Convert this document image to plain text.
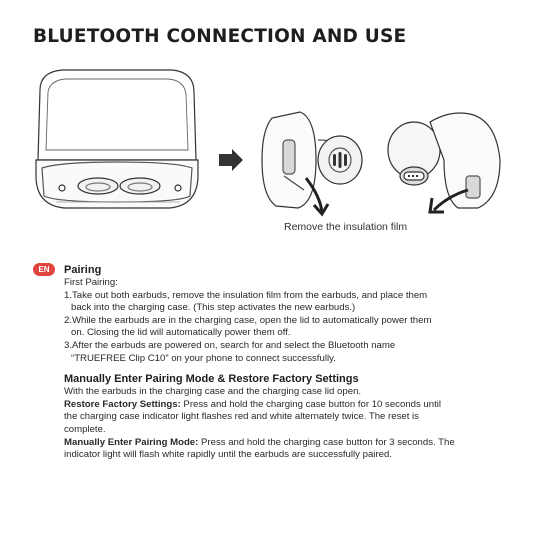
BLUETOOTH CONNECTION AND USE
Remove the insulation film
EN	Pairing
First Pairing:
1.Take out both earbuds, remove the insulation film from the earbuds, and place them
back into the charging case. (This step activates the new earbuds.)
2.While the earbuds are in the charging case, open the lid to automatically power them
on. Closing the lid will automatically power them off.
3.After the earbuds are powered on, search for and select the Bluetooth name
“TRUEFREE Clip C10” on your phone to connect successfully.
Manually Enter Pairing Mode & Restore Factory Settings
With the earbuds in the charging case and the charging case lid open.
Restore Factory Settings: Press and hold the charging case button for 10 seconds until
the charging case indicator light flashes red and white alternately twice. The reset is
complete.
Manually Enter Pairing Mode: Press and hold the charging case button for 3 seconds. The
indicator light will flash white rapidly until the earbuds are successfully paired.
